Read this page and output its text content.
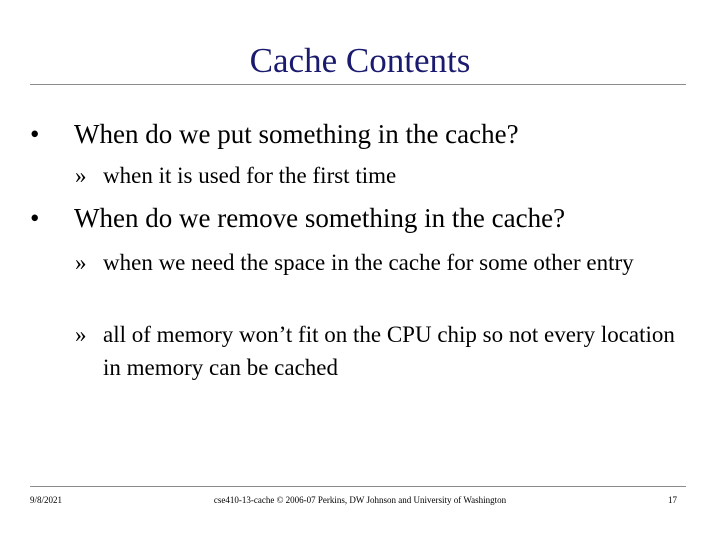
Cache Contents
• When do we put something in the cache?
» when it is used for the first time
• When do we remove something in the cache?
» when we need the space in the cache for some other entry
» all of memory won’t fit on the CPU chip so not every location in memory can be cached
9/8/2021	cse410-13-cache © 2006-07 Perkins, DW Johnson and University of Washington	17
